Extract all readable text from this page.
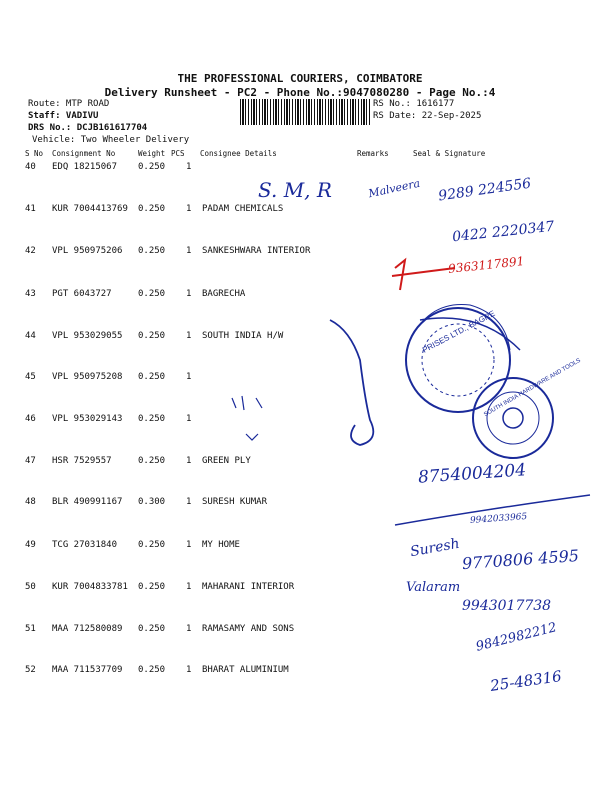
THE PROFESSIONAL COURIERS, COIMBATORE
Delivery Runsheet - PC2 - Phone No.:9047080280 - Page No.:4
Route: MTP ROAD
Staff: VADIVU
DRS No.: DCJB161617704
Vehicle: Two Wheeler Delivery
RS No.: 1616177
RS Date: 22-Sep-2025
S No Consignment No	Weight PCS Consignee Details	Remarks	Seal & Signature
40 EDQ 18215067 0.250 1
41 KUR 7004413769 0.250 1 PADAM CHEMICALS
42 VPL 950975206 0.250 1 SANKESHWARA INTERIOR
43 PGT 6043727	0.250 1 BAGRECHA
44 VPL 953029055 0.250 1 SOUTH INDIA H/W
45 VPL 950975208 0.250 1
46 VPL 953029143 0.250 1
47 HSR 7529557	0.250 1 GREEN PLY
48 BLR 490991167 0.300 1 SURESH KUMAR
49 TCG 27031840 0.250 1 MY HOME
50 KUR 7004833781 0.250 1 MAHARANI INTERIOR
51 MAA 712580089 0.250 1 RAMASAMY AND SONS
52 MAA 711537709 0.250 1 BHARAT ALUMINIUM
PRISES LTD., BAGRE
SOUTH INDIA HARDWARE AND TOOLS
S. M, R	Malveera 9289 224556
0422 2220347
9363117891
8754004204
9942033965
Suresh 9770806 4595
Valaram
9943017738
9842982212
25-48316
